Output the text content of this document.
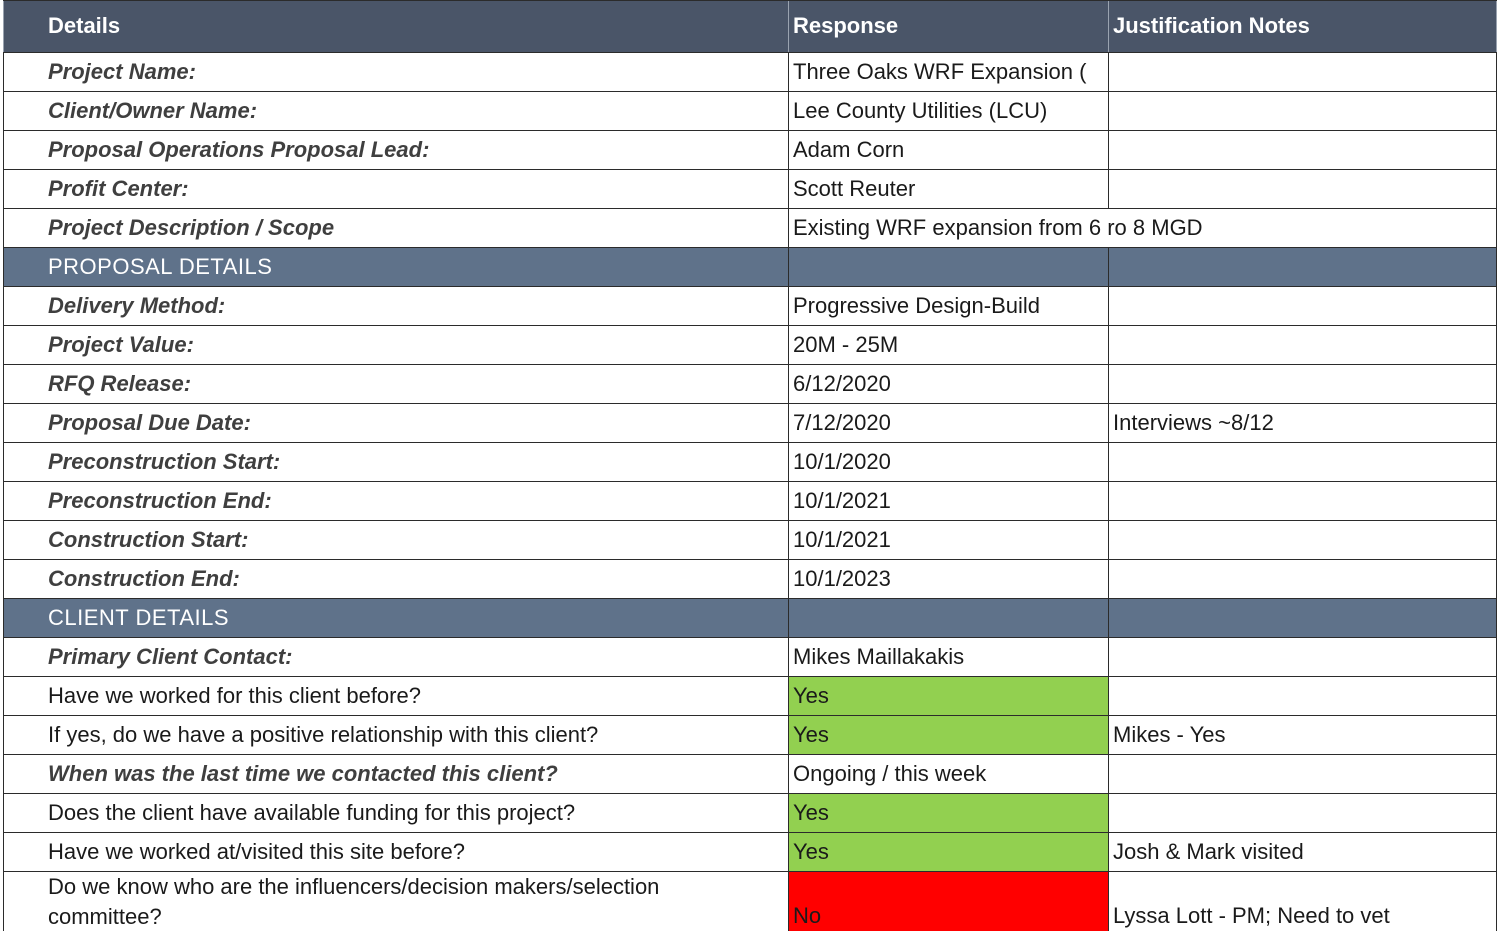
Details	Response	Justification Notes
Project Name:	Three Oaks WRF Expansion (
Client/Owner Name:	Lee County Utilities (LCU)
Proposal Operations Proposal Lead:	Adam Corn
Profit Center:	Scott Reuter
Project Description / Scope	Existing WRF expansion from 6 ro 8 MGD
PROPOSAL DETAILS
Delivery Method:	Progressive Design-Build
Project Value:	20M - 25M
RFQ Release:	6/12/2020
Proposal Due Date:	7/12/2020	Interviews ~8/12
Preconstruction Start:	10/1/2020
Preconstruction End:	10/1/2021
Construction Start:	10/1/2021
Construction End:	10/1/2023
CLIENT DETAILS
Primary Client Contact:	Mikes Maillakakis
Have we worked for this client before?	Yes
If yes, do we have a positive relationship with this client?	Yes	Mikes - Yes
When was the last time we contacted this client?	Ongoing / this week
Does the client have available funding for this project?	Yes
Have we worked at/visited this site before?	Yes	Josh & Mark visited
Do we know who are the influencers/decision makers/selection committee?	No	Lyssa Lott - PM; Need to vet
